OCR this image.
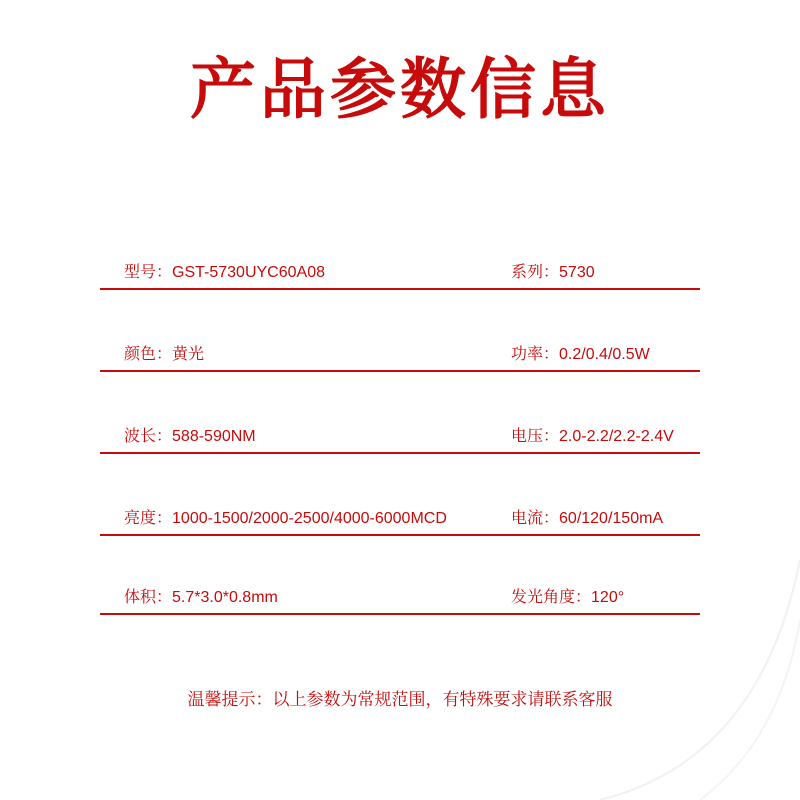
产品参数信息
型号：GST-5730UYC60A08	系列：5730
颜色：黄光	功率：0.2/0.4/0.5W
波长：588-590NM	电压：2.0-2.2/2.2-2.4V
亮度：1000-1500/2000-2500/4000-6000MCD	电流：60/120/150mA
体积：5.7*3.0*0.8mm	发光角度：120°
温馨提示：以上参数为常规范围，有特殊要求请联系客服
